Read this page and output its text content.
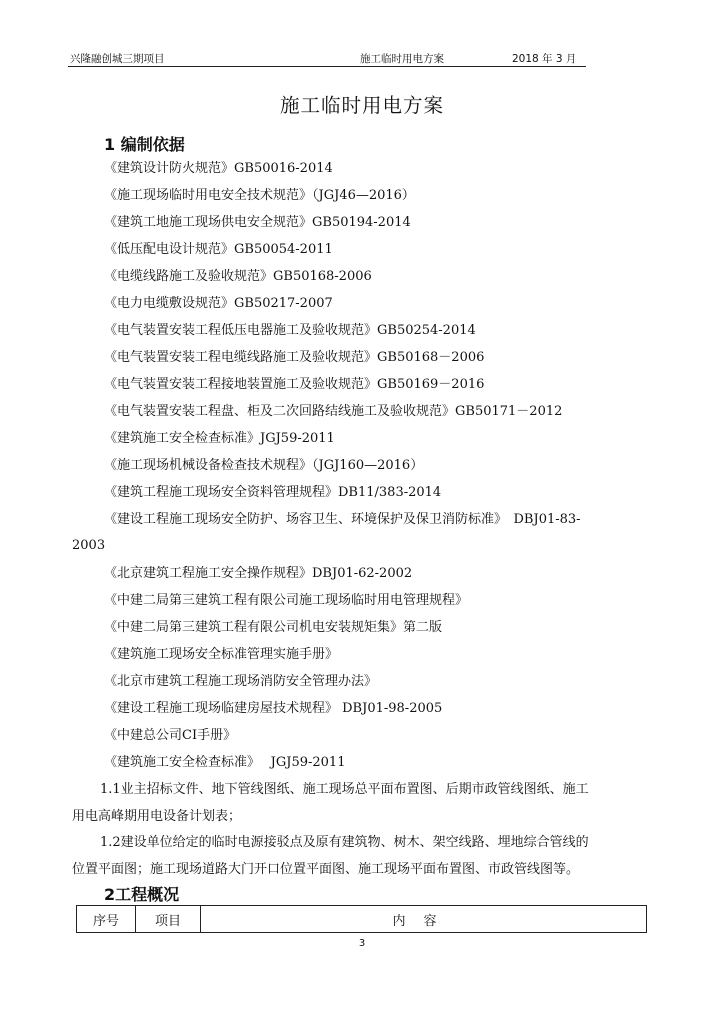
兴隆融创城三期项目	施工临时用电方案	2018 年 3 月
施工临时用电方案
1 编制依据
《建筑设计防火规范》GB50016-2014
《施工现场临时用电安全技术规范》（JGJ46—2016）
《建筑工地施工现场供电安全规范》GB50194-2014
《低压配电设计规范》GB50054-2011
《电缆线路施工及验收规范》GB50168-2006
《电力电缆敷设规范》GB50217-2007
《电气装置安装工程低压电器施工及验收规范》GB50254-2014
《电气装置安装工程电缆线路施工及验收规范》GB50168－2006
《电气装置安装工程接地装置施工及验收规范》GB50169－2016
《电气装置安装工程盘、柜及二次回路结线施工及验收规范》GB50171－2012
《建筑施工安全检查标准》JGJ59-2011
《施工现场机械设备检查技术规程》（JGJ160—2016）
《建筑工程施工现场安全资料管理规程》DB11/383-2014
《建设工程施工现场安全防护、场容卫生、环境保护及保卫消防标准》　DBJ01-83-
2003
《北京建筑工程施工安全操作规程》DBJ01-62-2002
《中建二局第三建筑工程有限公司施工现场临时用电管理规程》
《中建二局第三建筑工程有限公司机电安装规矩集》第二版
《建筑施工现场安全标准管理实施手册》
《北京市建筑工程施工现场消防安全管理办法》
《建设工程施工现场临建房屋技术规程》 DBJ01-98-2005
《中建总公司CI手册》
《建筑施工安全检查标准》　 JGJ59-2011
1.1业主招标文件、地下管线图纸、施工现场总平面布置图、后期市政管线图纸、施工
用电高峰期用电设备计划表；
1.2建设单位给定的临时电源接驳点及原有建筑物、树木、架空线路、埋地综合管线的
位置平面图；施工现场道路大门开口位置平面图、施工现场平面布置图、市政管线图等。
2工程概况
序号	项目	内容
3
